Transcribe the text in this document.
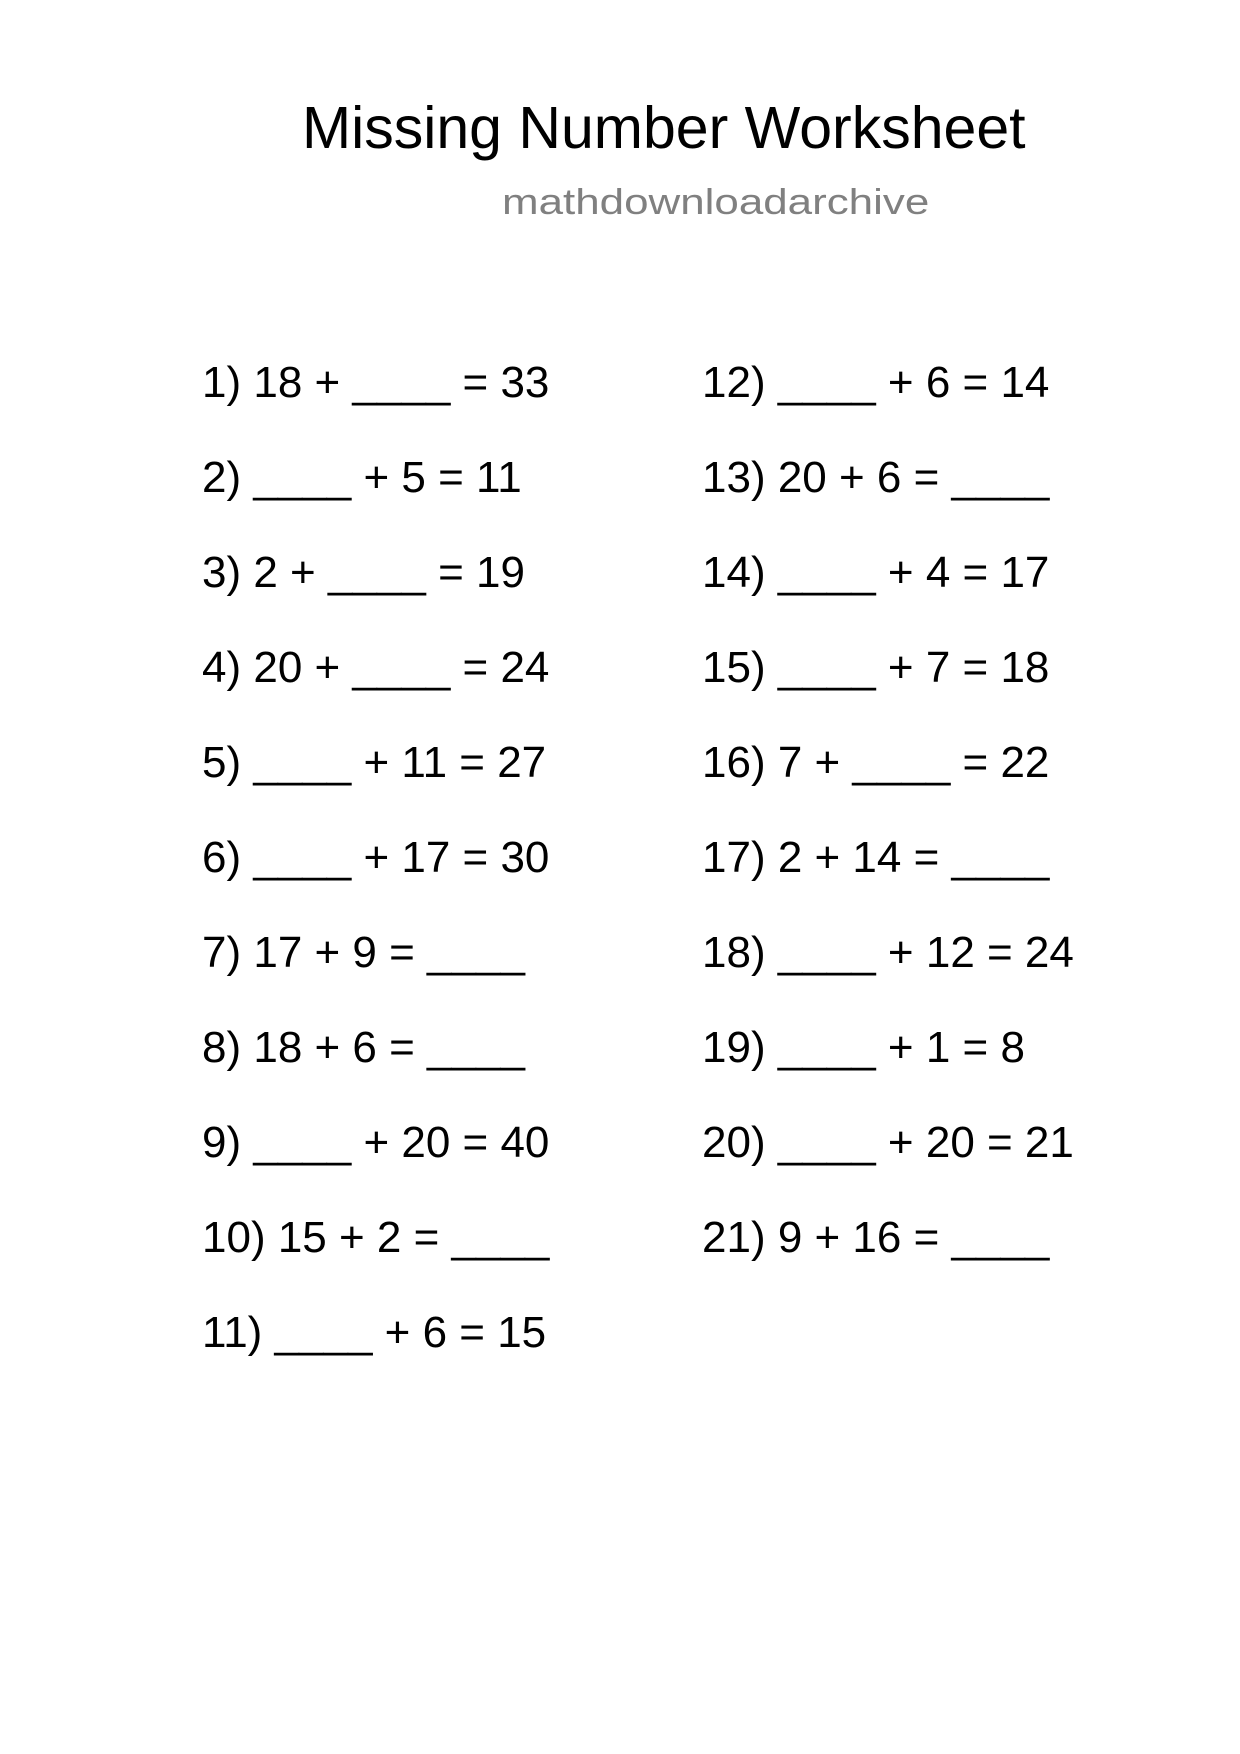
Missing Number Worksheet
mathdownloadarchive
1) 18 + ____ = 33
2) ____ + 5 = 11
3) 2 + ____ = 19
4) 20 + ____ = 24
5) ____ + 11 = 27
6) ____ + 17 = 30
7) 17 + 9 = ____
8) 18 + 6 = ____
9) ____ + 20 = 40
10) 15 + 2 = ____
11) ____ + 6 = 15
12) ____ + 6 = 14
13) 20 + 6 = ____
14) ____ + 4 = 17
15) ____ + 7 = 18
16) 7 + ____ = 22
17) 2 + 14 = ____
18) ____ + 12 = 24
19) ____ + 1 = 8
20) ____ + 20 = 21
21) 9 + 16 = ____
